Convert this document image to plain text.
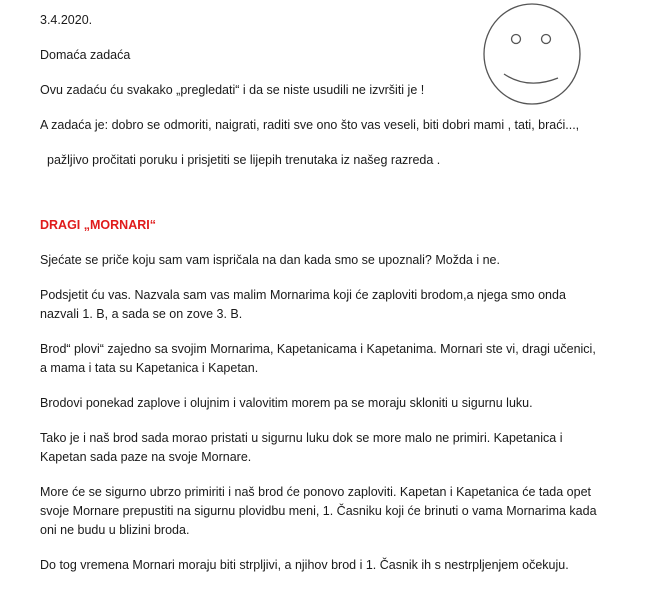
3.4.2020.
Domaća zadaća
Ovu zadaću ću svakako „pregledati“ i da se niste usudili ne izvršiti je !
A zadaća je: dobro se odmoriti, naigrati, raditi sve ono što vas veseli, biti dobri mami , tati, braći...,
pažljivo pročitati poruku i prisjetiti se lijepih trenutaka iz našeg razreda .
DRAGI „MORNARI“
Sjećate se priče koju sam vam ispričala na dan kada smo se upoznali? Možda i ne.
Podsjetit ću vas. Nazvala sam vas malim Mornarima koji će zaploviti brodom,a njega smo onda
nazvali 1. B, a sada se on zove 3. B.
Brod“ plovi“ zajedno sa svojim Mornarima, Kapetanicama i Kapetanima. Mornari ste vi, dragi učenici,
a mama i tata su Kapetanica i Kapetan.
Brodovi ponekad zaplove i olujnim i valovitim morem pa se moraju skloniti u sigurnu luku.
Tako je i naš brod sada morao pristati u sigurnu luku dok se more malo ne primiri. Kapetanica i
Kapetan sada paze na svoje Mornare.
More će se sigurno ubrzo primiriti i naš brod će ponovo zaploviti. Kapetan i Kapetanica će tada opet
svoje Mornare prepustiti na sigurnu plovidbu meni, 1. Časniku koji će brinuti o vama Mornarima kada
oni ne budu u blizini broda.
Do tog vremena Mornari moraju biti strpljivi, a njihov brod i 1. Časnik ih s nestrpljenjem očekuju.
